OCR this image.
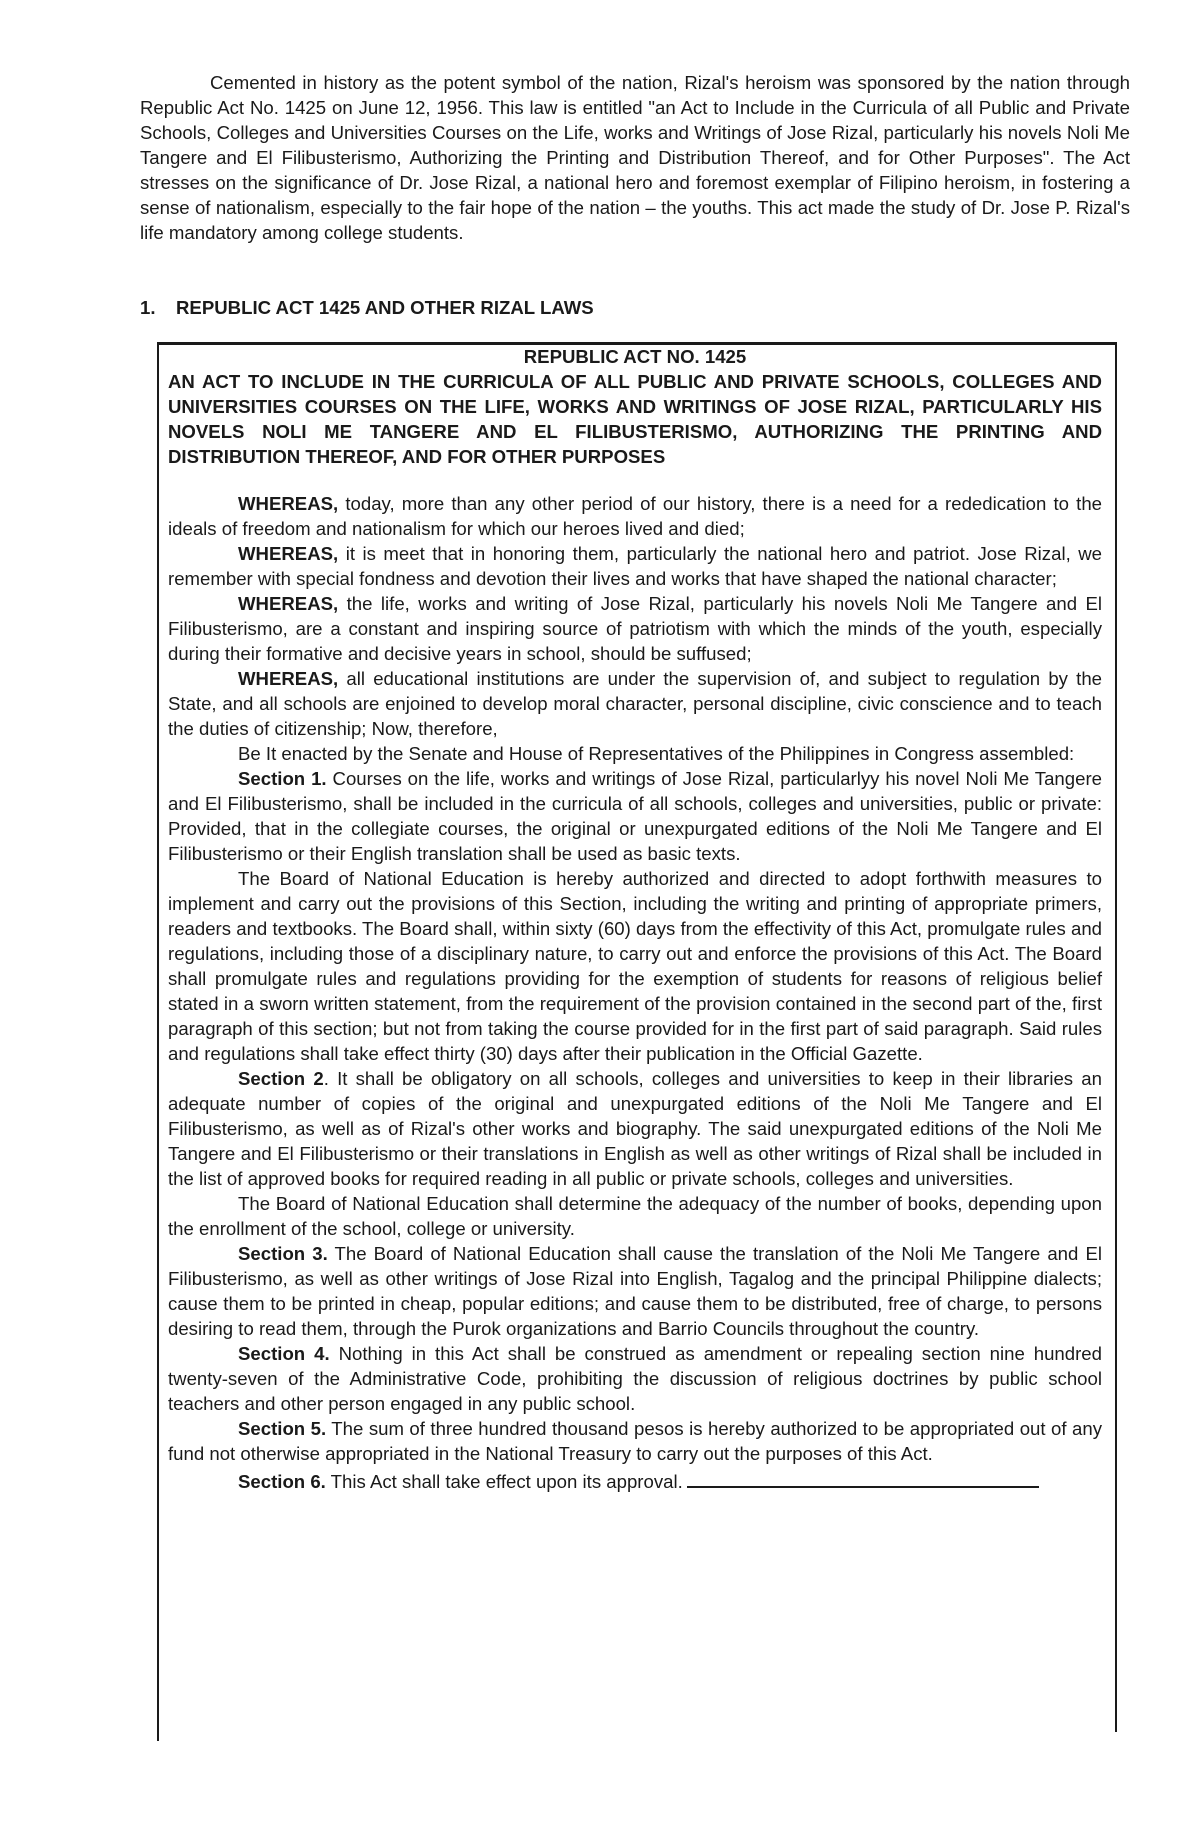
Cemented in history as the potent symbol of the nation, Rizal's heroism was sponsored by the nation through Republic Act No. 1425 on June 12, 1956. This law is entitled "an Act to Include in the Curricula of all Public and Private Schools, Colleges and Universities Courses on the Life, works and Writings of Jose Rizal, particularly his novels Noli Me Tangere and El Filibusterismo, Authorizing the Printing and Distribution Thereof, and for Other Purposes". The Act stresses on the significance of Dr. Jose Rizal, a national hero and foremost exemplar of Filipino heroism, in fostering a sense of nationalism, especially to the fair hope of the nation – the youths. This act made the study of Dr. Jose P. Rizal's life mandatory among college students.

1. REPUBLIC ACT 1425 AND OTHER RIZAL LAWS

REPUBLIC ACT NO. 1425

AN ACT TO INCLUDE IN THE CURRICULA OF ALL PUBLIC AND PRIVATE SCHOOLS, COLLEGES AND UNIVERSITIES COURSES ON THE LIFE, WORKS AND WRITINGS OF JOSE RIZAL, PARTICULARLY HIS NOVELS NOLI ME TANGERE AND EL FILIBUSTERISMO, AUTHORIZING THE PRINTING AND DISTRIBUTION THEREOF, AND FOR OTHER PURPOSES

WHEREAS, today, more than any other period of our history, there is a need for a rededication to the ideals of freedom and nationalism for which our heroes lived and died;

WHEREAS, it is meet that in honoring them, particularly the national hero and patriot. Jose Rizal, we remember with special fondness and devotion their lives and works that have shaped the national character;

WHEREAS, the life, works and writing of Jose Rizal, particularly his novels Noli Me Tangere and El Filibusterismo, are a constant and inspiring source of patriotism with which the minds of the youth, especially during their formative and decisive years in school, should be suffused;

WHEREAS, all educational institutions are under the supervision of, and subject to regulation by the State, and all schools are enjoined to develop moral character, personal discipline, civic conscience and to teach the duties of citizenship; Now, therefore,

Be It enacted by the Senate and House of Representatives of the Philippines in Congress assembled:

Section 1. Courses on the life, works and writings of Jose Rizal, particularlyy his novel Noli Me Tangere and El Filibusterismo, shall be included in the curricula of all schools, colleges and universities, public or private: Provided, that in the collegiate courses, the original or unexpurgated editions of the Noli Me Tangere and El Filibusterismo or their English translation shall be used as basic texts.

The Board of National Education is hereby authorized and directed to adopt forthwith measures to implement and carry out the provisions of this Section, including the writing and printing of appropriate primers, readers and textbooks. The Board shall, within sixty (60) days from the effectivity of this Act, promulgate rules and regulations, including those of a disciplinary nature, to carry out and enforce the provisions of this Act. The Board shall promulgate rules and regulations providing for the exemption of students for reasons of religious belief stated in a sworn written statement, from the requirement of the provision contained in the second part of the, first paragraph of this section; but not from taking the course provided for in the first part of said paragraph. Said rules and regulations shall take effect thirty (30) days after their publication in the Official Gazette.

Section 2. It shall be obligatory on all schools, colleges and universities to keep in their libraries an adequate number of copies of the original and unexpurgated editions of the Noli Me Tangere and El Filibusterismo, as well as of Rizal's other works and biography. The said unexpurgated editions of the Noli Me Tangere and El Filibusterismo or their translations in English as well as other writings of Rizal shall be included in the list of approved books for required reading in all public or private schools, colleges and universities.

The Board of National Education shall determine the adequacy of the number of books, depending upon the enrollment of the school, college or university.

Section 3. The Board of National Education shall cause the translation of the Noli Me Tangere and El Filibusterismo, as well as other writings of Jose Rizal into English, Tagalog and the principal Philippine dialects; cause them to be printed in cheap, popular editions; and cause them to be distributed, free of charge, to persons desiring to read them, through the Purok organizations and Barrio Councils throughout the country.

Section 4. Nothing in this Act shall be construed as amendment or repealing section nine hundred twenty-seven of the Administrative Code, prohibiting the discussion of religious doctrines by public school teachers and other person engaged in any public school.

Section 5. The sum of three hundred thousand pesos is hereby authorized to be appropriated out of any fund not otherwise appropriated in the National Treasury to carry out the purposes of this Act.

Section 6. This Act shall take effect upon its approval.
